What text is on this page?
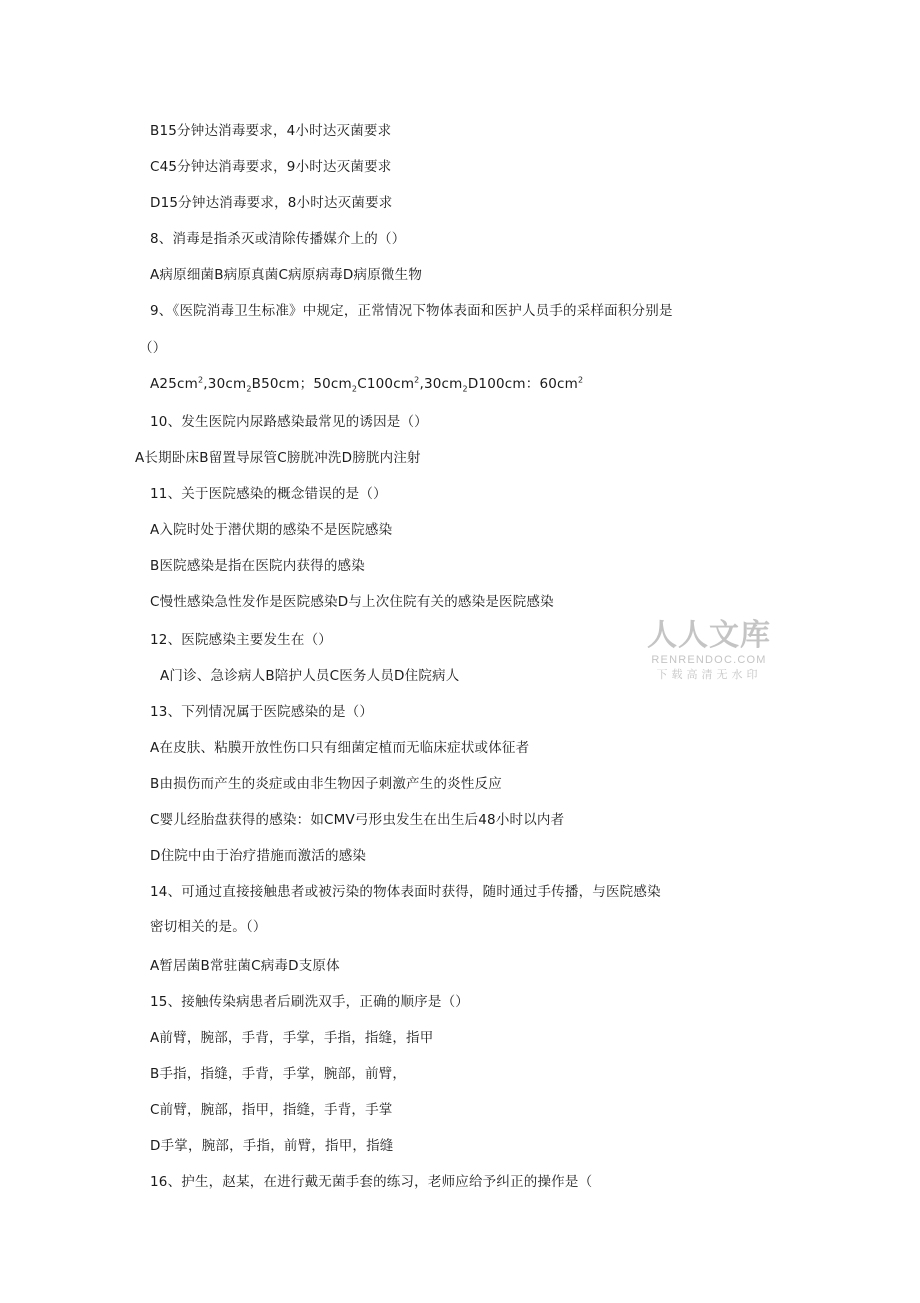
B15分钟达消毒要求，4小时达灭菌要求
C45分钟达消毒要求，9小时达灭菌要求
D15分钟达消毒要求，8小时达灭菌要求
8、消毒是指杀灭或清除传播媒介上的（）
A病原细菌B病原真菌C病原病毒D病原微生物
9、《医院消毒卫生标准》中规定，正常情况下物体表面和医护人员手的采样面积分别是
（）
$A25cm^2,30cm_2B50cm$；$50cm_2C100cm^2,30cm_2D100cm$：$60cm^2$
10、发生医院内尿路感染最常见的诱因是（）
A长期卧床B留置导尿管C膀胱冲洗D膀胱内注射
11、关于医院感染的概念错误的是（）
A入院时处于潜伏期的感染不是医院感染
B医院感染是指在医院内获得的感染
C慢性感染急性发作是医院感染D与上次住院有关的感染是医院感染
12、医院感染主要发生在（）
A门诊、急诊病人B陪护人员C医务人员D住院病人
13、下列情况属于医院感染的是（）
A在皮肤、粘膜开放性伤口只有细菌定植而无临床症状或体征者
B由损伤而产生的炎症或由非生物因子刺激产生的炎性反应
C婴儿经胎盘获得的感染：如CMV弓形虫发生在出生后48小时以内者
D住院中由于治疗措施而激活的感染
14、可通过直接接触患者或被污染的物体表面时获得，随时通过手传播，与医院感染
密切相关的是。（）
A暂居菌B常驻菌C病毒D支原体
15、接触传染病患者后刷洗双手，正确的顺序是（）
A前臂，腕部，手背，手掌，手指，指缝，指甲
B手指，指缝，手背，手掌，腕部，前臂，
C前臂，腕部，指甲，指缝，手背，手掌
D手掌，腕部，手指，前臂，指甲，指缝
16、护生，赵某，在进行戴无菌手套的练习，老师应给予纠正的操作是（
人人文库
RENRENDOC.COM
下载高清无水印
